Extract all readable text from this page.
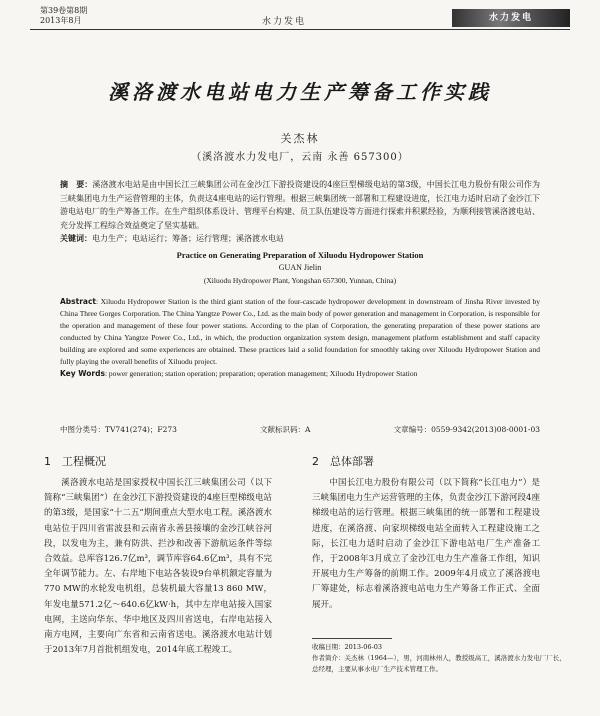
第39卷第8期
2013年8月	水力发电	水力发电
溪洛渡水电站电力生产筹备工作实践
关杰林
（溪洛渡水力发电厂，云南 永善 657300）
摘　要：溪洛渡水电站是由中国长江三峡集团公司在金沙江下游投资建设的4座巨型梯级电站的第3级，中国长江电力股份有限公司作为三峡集团电力生产运营管理的主体，负责这4座电站的运行管理。根据三峡集团统一部署和工程建设进度，长江电力适时启动了金沙江下游电站电厂的生产筹备工作。在生产组织体系设计、管理平台构建、员工队伍建设等方面进行探索并积累经验，为顺利接管溪洛渡电站、充分发挥工程综合效益奠定了坚实基础。
关键词：电力生产；电站运行；筹备；运行管理；溪洛渡水电站
Practice on Generating Preparation of Xiluodu Hydropower Station
GUAN Jielin
(Xiluodu Hydropower Plant, Yongshan 657300, Yunnan, China)
Abstract: Xiluodu Hydropower Station is the third giant station of the four-cascade hydropower development in downstream of Jinsha River invested by China Three Gorges Corporation. The China Yangtze Power Co., Ltd. as the main body of power generation and management in Corporation, is responsible for the operation and management of these four power stations. According to the plan of Corporation, the generating preparation of these power stations are conducted by China Yangtze Power Co., Ltd., in which, the production organization system design, management platform establishment and staff capacity building are explored and some experiences are obtained. These practices laid a solid foundation for smoothly taking over Xiluodu Hydropower Station and fully playing the overall benefits of Xiluodu project.
Key Words: power generation; station operation; preparation; operation management; Xiluodu Hydropower Station
中图分类号：TV741(274)；F273	文献标识码：A	文章编号：0559-9342(2013)08-0001-03
1　工程概况	2　总体部署
溪洛渡水电站是国家授权中国长江三峡集团公司（以下简称“三峡集团”）在金沙江下游投资建设的4座巨型梯级电站的第3级，是国家“十二五”期间重点大型水电工程。溪洛渡水电站位于四川省雷波县和云南省永善县接壤的金沙江峡谷河段，以发电为主，兼有防洪、拦沙和改善下游航运条件等综合效益。总库容126.7亿m³，调节库容64.6亿m³，具有不完全年调节能力。左、右岸地下电站各装设9台单机额定容量为770 MW的水轮发电机组，总装机最大容量13 860 MW，年发电量571.2亿～640.6亿kW·h，其中左岸电站接入国家电网，主送向华东、华中地区及四川省送电，右岸电站接入南方电网，主要向广东省和云南省送电。溪洛渡水电站计划于2013年7月首批机组发电，2014年底工程竣工。
中国长江电力股份有限公司（以下简称“长江电力”）是三峡集团电力生产运营管理的主体，负责金沙江下游河段4座梯级电站的运行管理。根据三峡集团的统一部署和工程建设进度，在溪洛渡、向家坝梯级电站全面转入工程建设施工之际，长江电力适时启动了金沙江下游电站电厂生产准备工作，于2008年3月成立了金沙江电力生产准备工作组，知识开展电力生产筹备的前期工作。2009年4月成立了溪洛渡电厂筹建处，标志着溪洛渡电站电力生产筹备工作正式、全面展开。
收稿日期：2013-06-03
作者简介：关杰林（1964—），男，河南林州人，教授级高工，溪洛渡水力发电厂厂长，总经理，主要从事水电厂生产技术管理工作。
